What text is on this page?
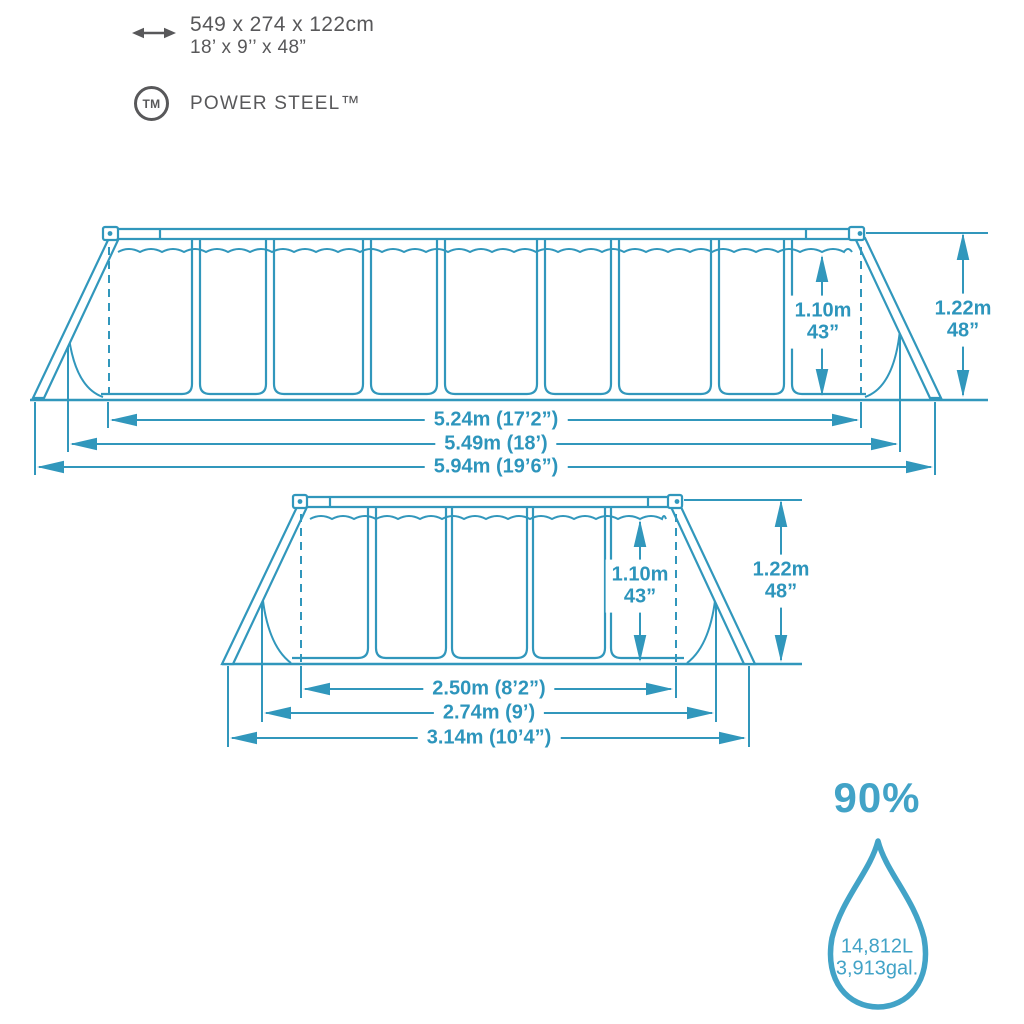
549 x 274 x 122cm
18’ x 9’’ x 48”
TM POWER STEEL™
5.24m (17’2”)
5.49m (18’)
5.94m (19’6”)
1.10m
43”
1.22m
48”
2.50m (8’2”)
2.74m (9’)
3.14m (10’4”)
1.10m
43”
1.22m
48”
90%
14,812L
3,913gal.
